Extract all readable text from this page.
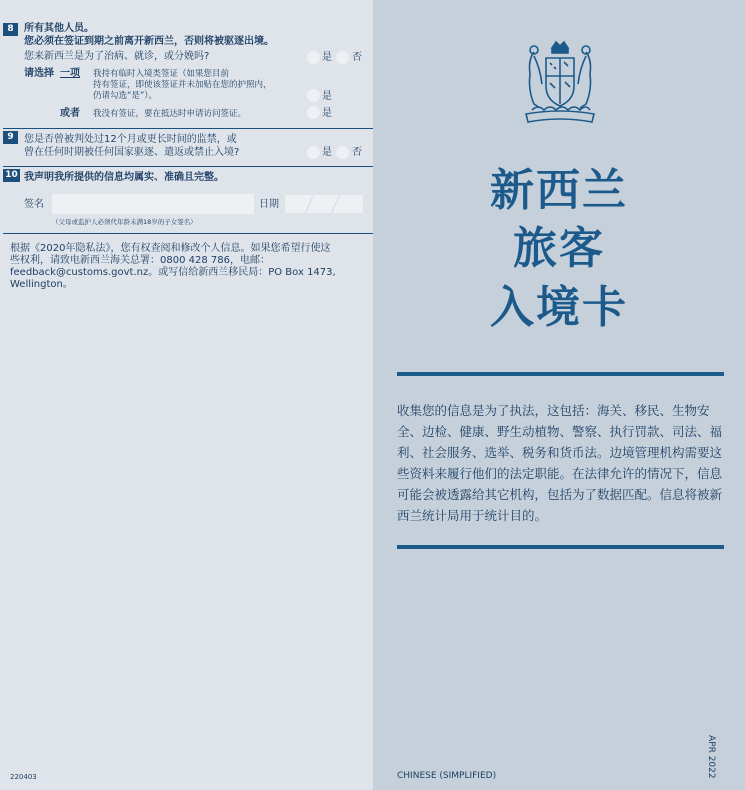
8	所有其他人员。
您必须在签证到期之前离开新西兰，否则将被驱逐出境。
您来新西兰是为了治病、就诊，或分娩吗?	是 否
请选择 一项 我持有临时入境类签证（如果您目前
持有签证，即使该签证并未加贴在您的护照内，
仍请勾选“是”）。	是
或者 我没有签证，要在抵达时申请访问签证。	是
9	您是否曾被判处过12个月或更长时间的监禁，或
曾在任何时期被任何国家驱逐、遣返或禁止入境?	是 否
10 我声明我所提供的信息均属实、准确且完整。
签名	日期
（父母或监护人必须代年龄未满18岁的子女签名）
根据《2020年隐私法》，您有权查阅和修改个人信息。如果您希望行使这
些权利，请致电新西兰海关总署：0800 428 786，电邮：
feedback@customs.govt.nz。或写信给新西兰移民局：PO Box 1473,
Wellington。
220403
新西兰
旅客
入境卡
收集您的信息是为了执法，这包括：海关、移民、生物安全、边检、健康、野生动植物、警察、执行罚款、司法、福利、社会服务、选举、税务和货币法。边境管理机构需要这些资料来履行他们的法定职能。在法律允许的情况下，信息可能会被透露给其它机构，包括为了数据匹配。信息将被新西兰统计局用于统计目的。
CHINESE (SIMPLIFIED)	APR 2022
